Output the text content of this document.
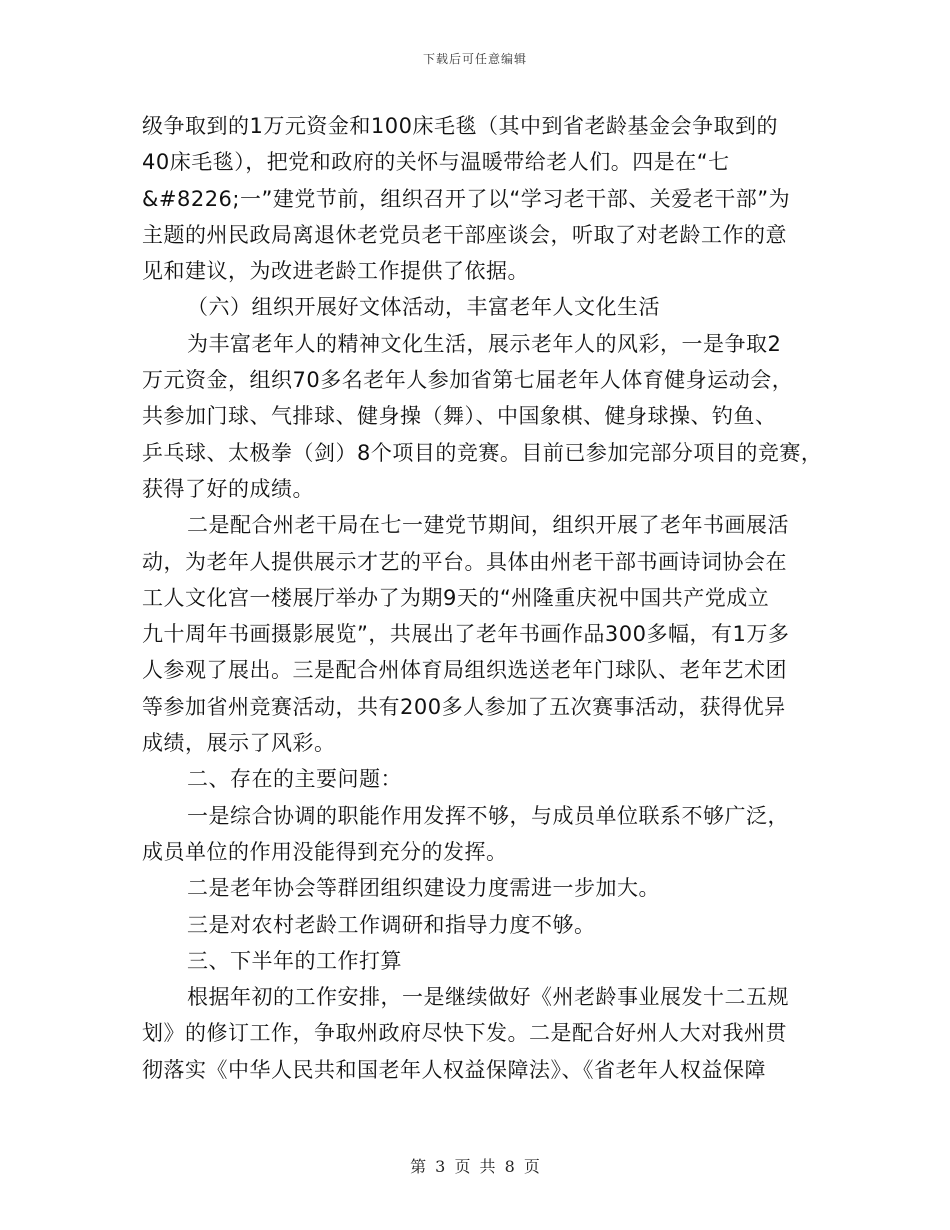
下载后可任意编辑
级争取到的1万元资金和100床毛毯（其中到省老龄基金会争取到的
40床毛毯），把党和政府的关怀与温暖带给老人们。四是在“七
&#8226;一”建党节前，组织召开了以“学习老干部、关爱老干部”为
主题的州民政局离退休老党员老干部座谈会，听取了对老龄工作的意
见和建议，为改进老龄工作提供了依据。
（六）组织开展好文体活动，丰富老年人文化生活
为丰富老年人的精神文化生活，展示老年人的风彩，一是争取2
万元资金，组织70多名老年人参加省第七届老年人体育健身运动会，
共参加门球、气排球、健身操（舞）、中国象棋、健身球操、钓鱼、
乒乓球、太极拳（剑）8个项目的竞赛。目前已参加完部分项目的竞赛，
获得了好的成绩。
二是配合州老干局在七一建党节期间，组织开展了老年书画展活
动，为老年人提供展示才艺的平台。具体由州老干部书画诗词协会在
工人文化宫一楼展厅举办了为期9天的“州隆重庆祝中国共产党成立
九十周年书画摄影展览”，共展出了老年书画作品300多幅，有1万多
人参观了展出。三是配合州体育局组织选送老年门球队、老年艺术团
等参加省州竞赛活动，共有200多人参加了五次赛事活动，获得优异
成绩，展示了风彩。
二、存在的主要问题：
一是综合协调的职能作用发挥不够，与成员单位联系不够广泛，
成员单位的作用没能得到充分的发挥。
二是老年协会等群团组织建设力度需进一步加大。
三是对农村老龄工作调研和指导力度不够。
三、下半年的工作打算
根据年初的工作安排，一是继续做好《州老龄事业展发十二五规
划》的修订工作，争取州政府尽快下发。二是配合好州人大对我州贯
彻落实《中华人民共和国老年人权益保障法》、《省老年人权益保障
第 3 页 共 8 页
